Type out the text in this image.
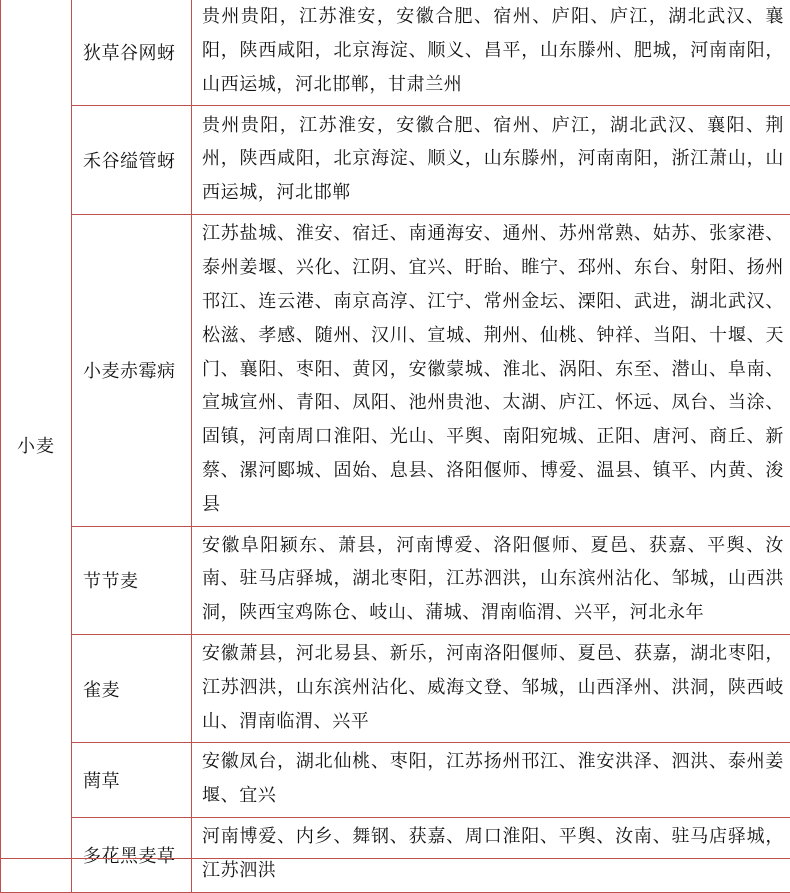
小麦	狄草谷网蚜	贵州贵阳，江苏淮安，安徽合肥、宿州、庐阳、庐江，湖北武汉、襄阳，陕西咸阳，北京海淀、顺义、昌平，山东滕州、肥城，河南南阳，山西运城，河北邯郸，甘肃兰州
	禾谷缢管蚜	贵州贵阳，江苏淮安，安徽合肥、宿州、庐江，湖北武汉、襄阳、荆州，陕西咸阳，北京海淀、顺义，山东滕州，河南南阳，浙江萧山，山西运城，河北邯郸
	小麦赤霉病	江苏盐城、淮安、宿迁、南通海安、通州、苏州常熟、姑苏、张家港、泰州姜堰、兴化、江阴、宜兴、盱眙、睢宁、邳州、东台、射阳、扬州邗江、连云港、南京高淳、江宁、常州金坛、溧阳、武进，湖北武汉、松滋、孝感、随州、汉川、宣城、荆州、仙桃、钟祥、当阳、十堰、天门、襄阳、枣阳、黄冈，安徽蒙城、淮北、涡阳、东至、潜山、阜南、宣城宣州、青阳、凤阳、池州贵池、太湖、庐江、怀远、凤台、当涂、固镇，河南周口淮阳、光山、平舆、南阳宛城、正阳、唐河、商丘、新蔡、漯河郾城、固始、息县、洛阳偃师、博爱、温县、镇平、内黄、浚县
	节节麦	安徽阜阳颍东、萧县，河南博爱、洛阳偃师、夏邑、获嘉、平舆、汝南、驻马店驿城，湖北枣阳，江苏泗洪，山东滨州沾化、邹城，山西洪洞，陕西宝鸡陈仓、岐山、蒲城、渭南临渭、兴平，河北永年
	雀麦	安徽萧县，河北易县、新乐，河南洛阳偃师、夏邑、获嘉，湖北枣阳，江苏泗洪，山东滨州沾化、威海文登、邹城，山西泽州、洪洞，陕西岐山、渭南临渭、兴平
	菵草	安徽凤台，湖北仙桃、枣阳，江苏扬州邗江、淮安洪泽、泗洪、泰州姜堰、宜兴
	多花黑麦草	河南博爱、内乡、舞钢、获嘉、周口淮阳、平舆、汝南、驻马店驿城，江苏泗洪
